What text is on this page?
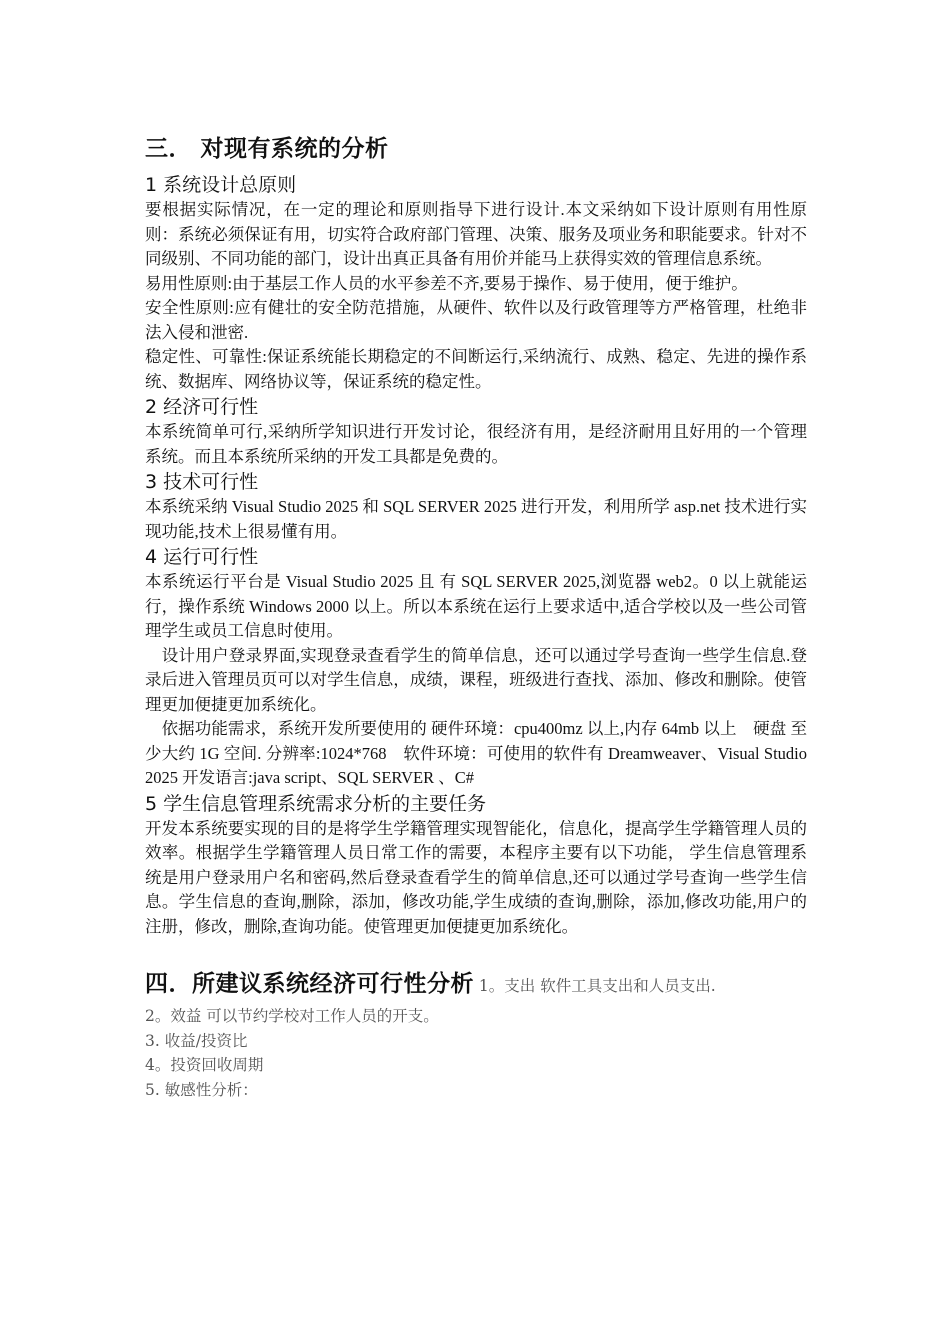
三． 对现有系统的分析
1 系统设计总原则

要根据实际情况，在一定的理论和原则指导下进行设计.本文采纳如下设计原则有用性原则：系统必须保证有用，切实符合政府部门管理、决策、服务及项业务和职能要求。针对不同级别、不同功能的部门，设计出真正具备有用价并能马上获得实效的管理信息系统。

易用性原则:由于基层工作人员的水平参差不齐,要易于操作、易于使用，便于维护。

安全性原则:应有健壮的安全防范措施，从硬件、软件以及行政管理等方严格管理，杜绝非法入侵和泄密.

稳定性、可靠性:保证系统能长期稳定的不间断运行,采纳流行、成熟、稳定、先进的操作系统、数据库、网络协议等，保证系统的稳定性。

2 经济可行性

本系统简单可行,采纳所学知识进行开发讨论，很经济有用，是经济耐用且好用的一个管理系统。而且本系统所采纳的开发工具都是免费的。

3 技术可行性

本系统采纳 Visual Studio 2025 和 SQL SERVER 2025 进行开发，利用所学 asp.net 技术进行实现功能,技术上很易懂有用。

4 运行可行性

本系统运行平台是 Visual Studio 2025 且 有 SQL SERVER 2025,浏览器 web2。0 以上就能运行，操作系统 Windows 2000 以上。所以本系统在运行上要求适中,适合学校以及一些公司管理学生或员工信息时使用。

　设计用户登录界面,实现登录查看学生的简单信息，还可以通过学号查询一些学生信息.登录后进入管理员页可以对学生信息，成绩，课程，班级进行查找、添加、修改和删除。使管理更加便捷更加系统化。

　依据功能需求，系统开发所要使用的 硬件环境：cpu400mz 以上,内存 64mb 以上　硬盘 至少大约 1G 空间. 分辨率:1024*768　软件环境：可使用的软件有 Dreamweaver、Visual Studio 2025 开发语言:java script、SQL SERVER 、C#

5 学生信息管理系统需求分析的主要任务

开发本系统要实现的目的是将学生学籍管理实现智能化，信息化，提高学生学籍管理人员的效率。根据学生学籍管理人员日常工作的需要，本程序主要有以下功能， 学生信息管理系统是用户登录用户名和密码,然后登录查看学生的简单信息,还可以通过学号查询一些学生信息。学生信息的查询,删除，添加，修改功能,学生成绩的查询,删除，添加,修改功能,用户的注册，修改，删除,查询功能。使管理更加便捷更加系统化。

四．所建议系统经济可行性分析 1。支出 软件工具支出和人员支出.

2。效益 可以节约学校对工作人员的开支。

3. 收益/投资比

4。投资回收周期

5. 敏感性分析：
